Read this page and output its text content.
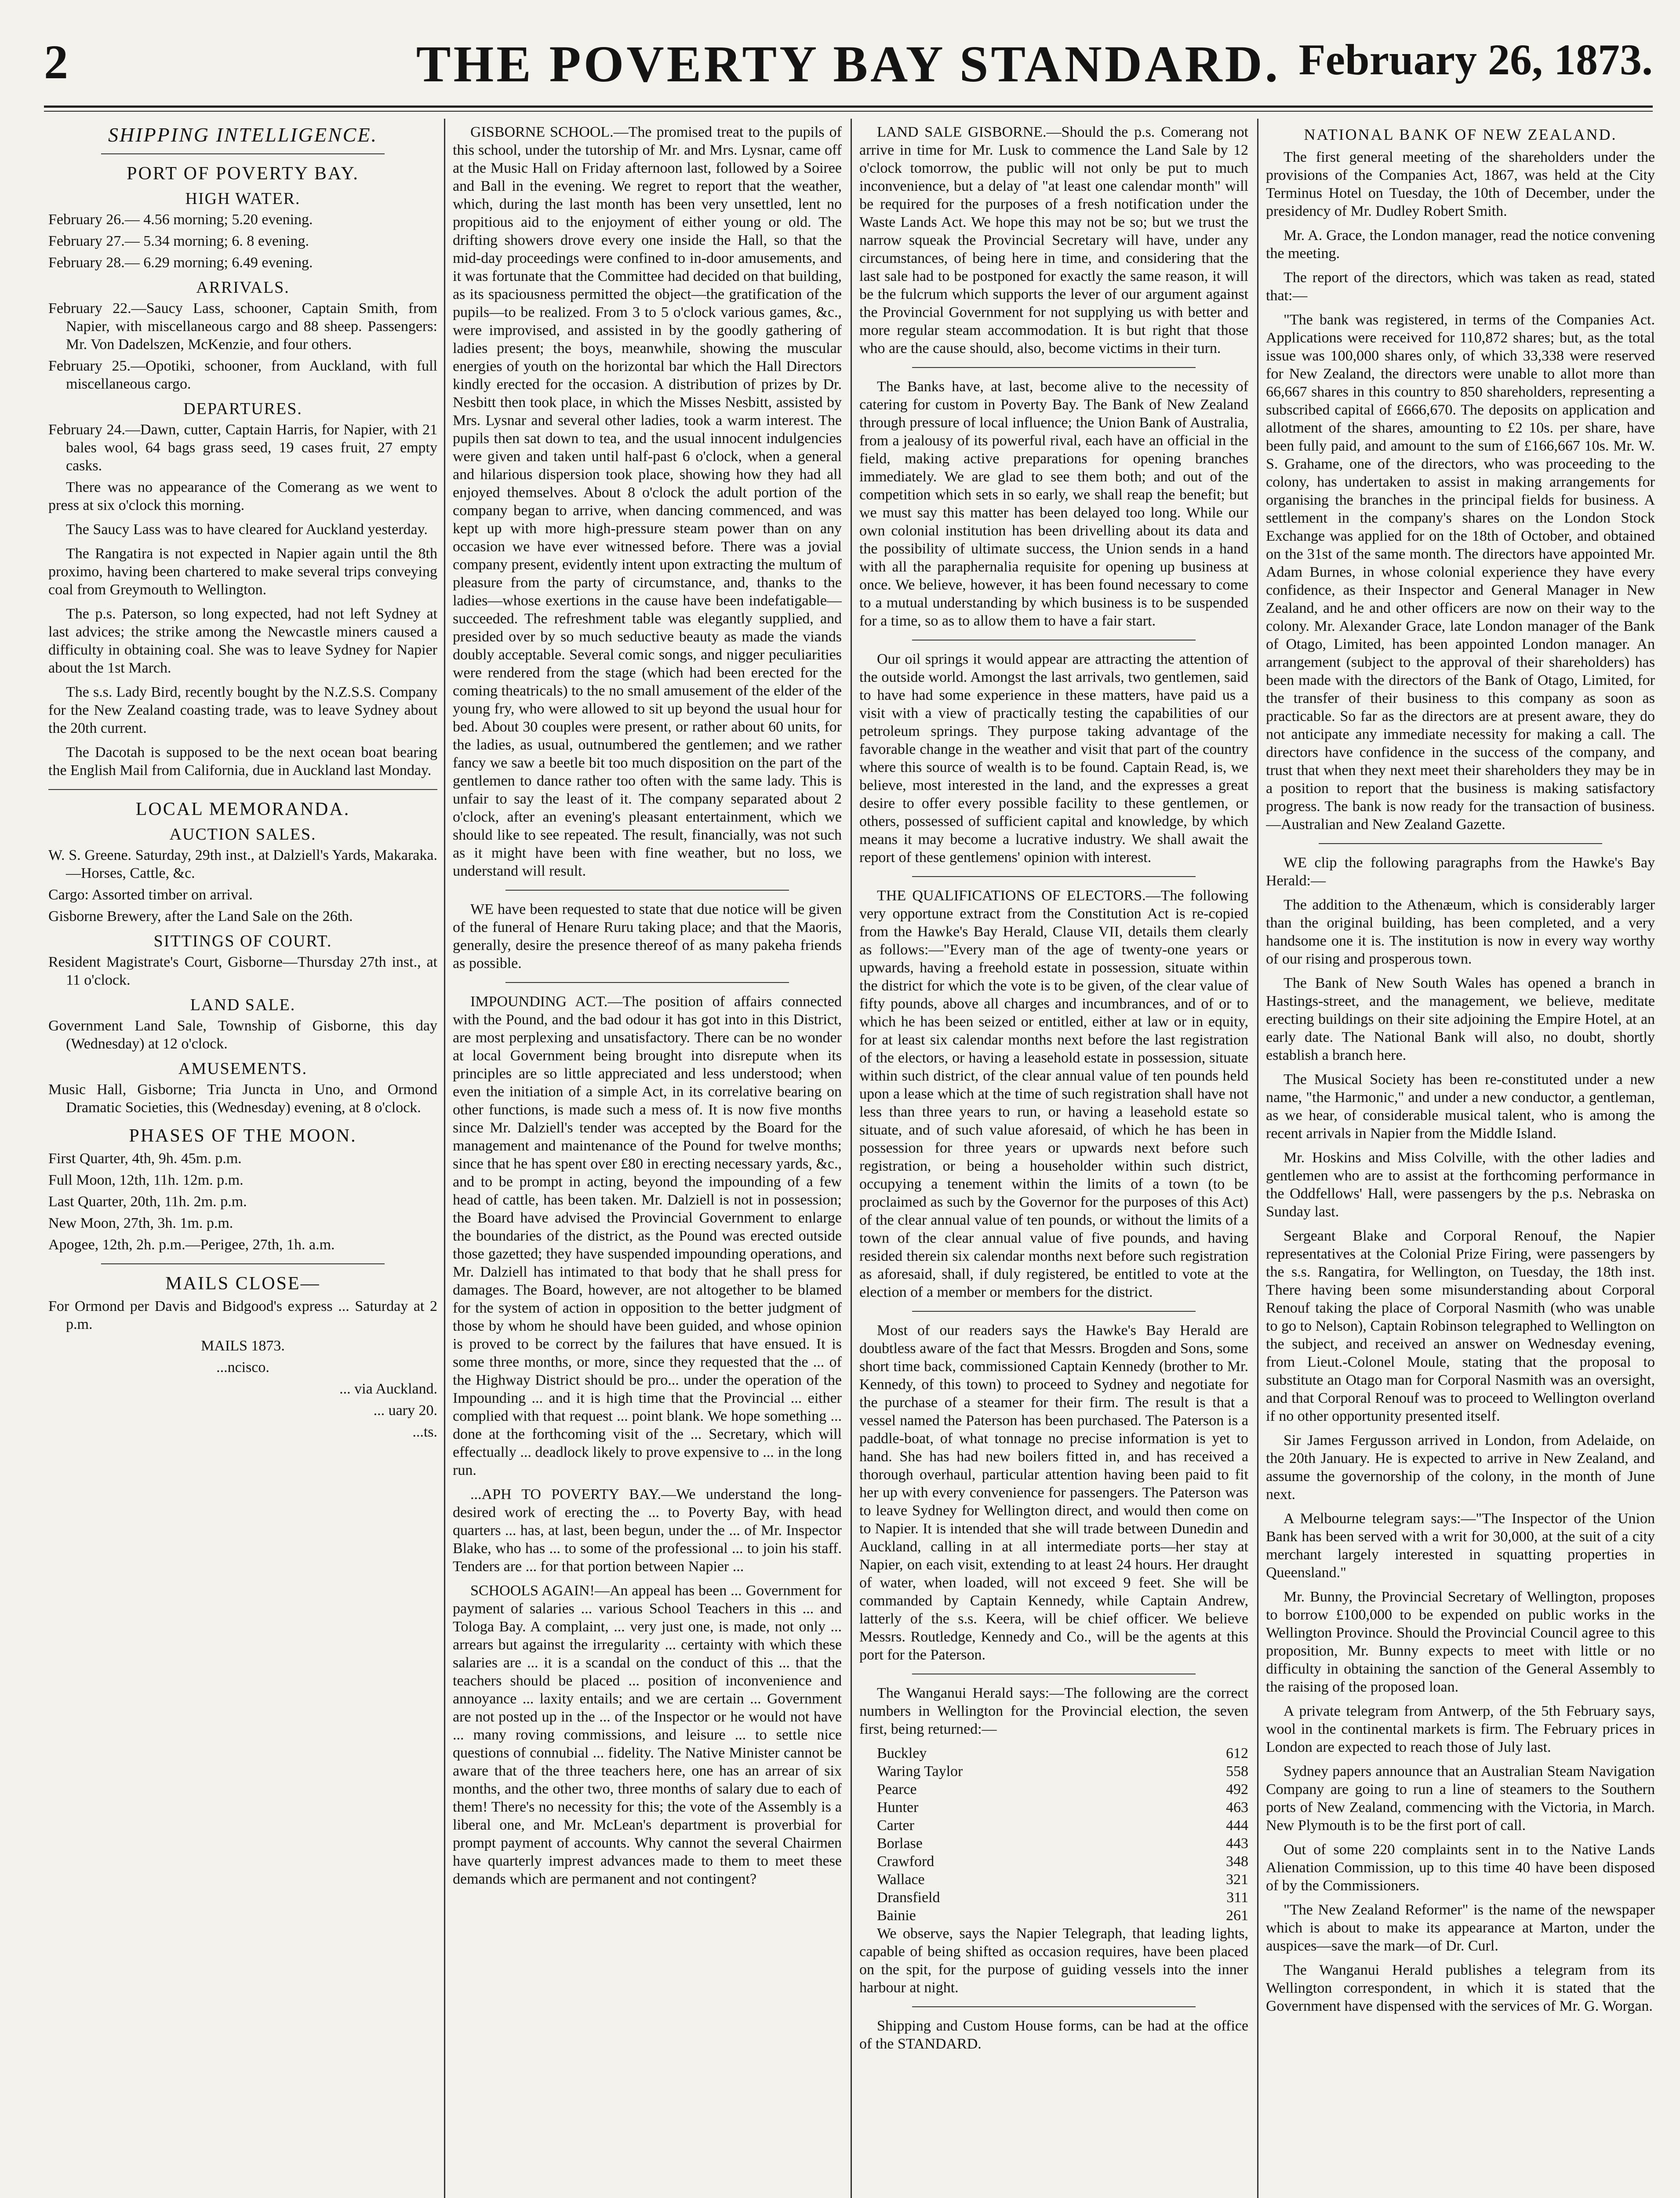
2	THE POVERTY BAY STANDARD. February 26, 1873.
SHIPPING INTELLIGENCE.
PORT OF POVERTY BAY.
HIGH WATER.

February 26.— 4.56 morning; 5.20 evening.

February 27.— 5.34 morning; 6. 8 evening.

February 28.— 6.29 morning; 6.49 evening.

ARRIVALS.

February 22.—Saucy Lass, schooner, Captain Smith, from Napier, with miscellaneous cargo and 88 sheep. Passengers: Mr. Von Dadelszen, McKenzie, and four others.

February 25.—Opotiki, schooner, from Auckland, with full miscellaneous cargo.

DEPARTURES.

February 24.—Dawn, cutter, Captain Harris, for Napier, with 21 bales wool, 64 bags grass seed, 19 cases fruit, 27 empty casks.

There was no appearance of the Comerang as we went to press at six o'clock this morning.

The Saucy Lass was to have cleared for Auckland yesterday.

The Rangatira is not expected in Napier again until the 8th proximo, having been chartered to make several trips conveying coal from Greymouth to Wellington.

The p.s. Paterson, so long expected, had not left Sydney at last advices; the strike among the Newcastle miners caused a difficulty in obtaining coal. She was to leave Sydney for Napier about the 1st March.

The s.s. Lady Bird, recently bought by the N.Z.S.S. Company for the New Zealand coasting trade, was to leave Sydney about the 20th current.

The Dacotah is supposed to be the next ocean boat bearing the English Mail from California, due in Auckland last Monday.

LOCAL MEMORANDA.
AUCTION SALES.

W. S. Greene. Saturday, 29th inst., at Dalziell's Yards, Makaraka.—Horses, Cattle, &c.

Cargo: Assorted timber on arrival.

Gisborne Brewery, after the Land Sale on the 26th.

SITTINGS OF COURT.

Resident Magistrate's Court, Gisborne—Thursday 27th inst., at 11 o'clock.

LAND SALE.

Government Land Sale, Township of Gisborne, this day (Wednesday) at 12 o'clock.

AMUSEMENTS.

Music Hall, Gisborne; Tria Juncta in Uno, and Ormond Dramatic Societies, this (Wednesday) evening, at 8 o'clock.

PHASES OF THE MOON.

First Quarter, 4th, 9h. 45m. p.m.

Full Moon, 12th, 11h. 12m. p.m.

Last Quarter, 20th, 11h. 2m. p.m.

New Moon, 27th, 3h. 1m. p.m.

Apogee, 12th, 2h. p.m.—Perigee, 27th, 1h. a.m.

MAILS CLOSE—

For Ormond per Davis and Bidgood's express ... Saturday at 2 p.m.

MAILS 1873.

...ncisco.

... via Auckland.

... uary 20.

...ts.

GISBORNE SCHOOL.—The promised treat to the pupils of this school, under the tutorship of Mr. and Mrs. Lysnar, came off at the Music Hall on Friday afternoon last, followed by a Soiree and Ball in the evening. We regret to report that the weather, which, during the last month has been very unsettled, lent no propitious aid to the enjoyment of either young or old. The drifting showers drove every one inside the Hall, so that the mid-day proceedings were confined to in-door amusements, and it was fortunate that the Committee had decided on that building, as its spaciousness permitted the object—the gratification of the pupils—to be realized. From 3 to 5 o'clock various games, &c., were improvised, and assisted in by the goodly gathering of ladies present; the boys, meanwhile, showing the muscular energies of youth on the horizontal bar which the Hall Directors kindly erected for the occasion. A distribution of prizes by Dr. Nesbitt then took place, in which the Misses Nesbitt, assisted by Mrs. Lysnar and several other ladies, took a warm interest. The pupils then sat down to tea, and the usual innocent indulgencies were given and taken until half-past 6 o'clock, when a general and hilarious dispersion took place, showing how they had all enjoyed themselves. About 8 o'clock the adult portion of the company began to arrive, when dancing commenced, and was kept up with more high-pressure steam power than on any occasion we have ever witnessed before. There was a jovial company present, evidently intent upon extracting the multum of pleasure from the party of circumstance, and, thanks to the ladies—whose exertions in the cause have been indefatigable—succeeded. The refreshment table was elegantly supplied, and presided over by so much seductive beauty as made the viands doubly acceptable. Several comic songs, and nigger peculiarities were rendered from the stage (which had been erected for the coming theatricals) to the no small amusement of the elder of the young fry, who were allowed to sit up beyond the usual hour for bed. About 30 couples were present, or rather about 60 units, for the ladies, as usual, outnumbered the gentlemen; and we rather fancy we saw a beetle bit too much disposition on the part of the gentlemen to dance rather too often with the same lady. This is unfair to say the least of it. The company separated about 2 o'clock, after an evening's pleasant entertainment, which we should like to see repeated. The result, financially, was not such as it might have been with fine weather, but no loss, we understand will result.

WE have been requested to state that due notice will be given of the funeral of Henare Ruru taking place; and that the Maoris, generally, desire the presence thereof of as many pakeha friends as possible.

IMPOUNDING ACT.—The position of affairs connected with the Pound, and the bad odour it has got into in this District, are most perplexing and unsatisfactory. There can be no wonder at local Government being brought into disrepute when its principles are so little appreciated and less understood; when even the initiation of a simple Act, in its correlative bearing on other functions, is made such a mess of. It is now five months since Mr. Dalziell's tender was accepted by the Board for the management and maintenance of the Pound for twelve months; since that he has spent over £80 in erecting necessary yards, &c., and to be prompt in acting, beyond the impounding of a few head of cattle, has been taken. Mr. Dalziell is not in possession; the Board have advised the Provincial Government to enlarge the boundaries of the district, as the Pound was erected outside those gazetted; they have suspended impounding operations, and Mr. Dalziell has intimated to that body that he shall press for damages. The Board, however, are not altogether to be blamed for the system of action in opposition to the better judgment of those by whom he should have been guided, and whose opinion is proved to be correct by the failures that have ensued. It is some three months, or more, since they requested that the ... of the Highway District should be pro... under the operation of the Impounding ... and it is high time that the Provincial ... either complied with that request ... point blank. We hope something ... done at the forthcoming visit of the ... Secretary, which will effectually ... deadlock likely to prove expensive to ... in the long run.

...APH TO POVERTY BAY.—We understand the long-desired work of erecting the ... to Poverty Bay, with head quarters ... has, at last, been begun, under the ... of Mr. Inspector Blake, who has ... to some of the professional ... to join his staff. Tenders are ... for that portion between Napier ...

SCHOOLS AGAIN!—An appeal has been ... Government for payment of salaries ... various School Teachers in this ... and Tologa Bay. A complaint, ... very just one, is made, not only ... arrears but against the irregularity ... certainty with which these salaries are ... it is a scandal on the conduct of this ... that the teachers should be placed ... position of inconvenience and annoyance ... laxity entails; and we are certain ... Government are not posted up in the ... of the Inspector or he would not have ... many roving commissions, and leisure ... to settle nice questions of connubial ... fidelity. The Native Minister cannot be aware that of the three teachers here, one has an arrear of six months, and the other two, three months of salary due to each of them! There's no necessity for this; the vote of the Assembly is a liberal one, and Mr. McLean's department is proverbial for prompt payment of accounts. Why cannot the several Chairmen have quarterly imprest advances made to them to meet these demands which are permanent and not contingent?

LAND SALE GISBORNE.—Should the p.s. Comerang not arrive in time for Mr. Lusk to commence the Land Sale by 12 o'clock tomorrow, the public will not only be put to much inconvenience, but a delay of "at least one calendar month" will be required for the purposes of a fresh notification under the Waste Lands Act. We hope this may not be so; but we trust the narrow squeak the Provincial Secretary will have, under any circumstances, of being here in time, and considering that the last sale had to be postponed for exactly the same reason, it will be the fulcrum which supports the lever of our argument against the Provincial Government for not supplying us with better and more regular steam accommodation. It is but right that those who are the cause should, also, become victims in their turn.

The Banks have, at last, become alive to the necessity of catering for custom in Poverty Bay. The Bank of New Zealand through pressure of local influence; the Union Bank of Australia, from a jealousy of its powerful rival, each have an official in the field, making active preparations for opening branches immediately. We are glad to see them both; and out of the competition which sets in so early, we shall reap the benefit; but we must say this matter has been delayed too long. While our own colonial institution has been drivelling about its data and the possibility of ultimate success, the Union sends in a hand with all the paraphernalia requisite for opening up business at once. We believe, however, it has been found necessary to come to a mutual understanding by which business is to be suspended for a time, so as to allow them to have a fair start.

Our oil springs it would appear are attracting the attention of the outside world. Amongst the last arrivals, two gentlemen, said to have had some experience in these matters, have paid us a visit with a view of practically testing the capabilities of our petroleum springs. They purpose taking advantage of the favorable change in the weather and visit that part of the country where this source of wealth is to be found. Captain Read, is, we believe, most interested in the land, and the expresses a great desire to offer every possible facility to these gentlemen, or others, possessed of sufficient capital and knowledge, by which means it may become a lucrative industry. We shall await the report of these gentlemens' opinion with interest.

THE QUALIFICATIONS OF ELECTORS.—The following very opportune extract from the Constitution Act is re-copied from the Hawke's Bay Herald, Clause VII, details them clearly as follows:—"Every man of the age of twenty-one years or upwards, having a freehold estate in possession, situate within the district for which the vote is to be given, of the clear value of fifty pounds, above all charges and incumbrances, and of or to which he has been seized or entitled, either at law or in equity, for at least six calendar months next before the last registration of the electors, or having a leasehold estate in possession, situate within such district, of the clear annual value of ten pounds held upon a lease which at the time of such registration shall have not less than three years to run, or having a leasehold estate so situate, and of such value aforesaid, of which he has been in possession for three years or upwards next before such registration, or being a householder within such district, occupying a tenement within the limits of a town (to be proclaimed as such by the Governor for the purposes of this Act) of the clear annual value of ten pounds, or without the limits of a town of the clear annual value of five pounds, and having resided therein six calendar months next before such registration as aforesaid, shall, if duly registered, be entitled to vote at the election of a member or members for the district.

Most of our readers says the Hawke's Bay Herald are doubtless aware of the fact that Messrs. Brogden and Sons, some short time back, commissioned Captain Kennedy (brother to Mr. Kennedy, of this town) to proceed to Sydney and negotiate for the purchase of a steamer for their firm. The result is that a vessel named the Paterson has been purchased. The Paterson is a paddle-boat, of what tonnage no precise information is yet to hand. She has had new boilers fitted in, and has received a thorough overhaul, particular attention having been paid to fit her up with every convenience for passengers. The Paterson was to leave Sydney for Wellington direct, and would then come on to Napier. It is intended that she will trade between Dunedin and Auckland, calling in at all intermediate ports—her stay at Napier, on each visit, extending to at least 24 hours. Her draught of water, when loaded, will not exceed 9 feet. She will be commanded by Captain Kennedy, while Captain Andrew, latterly of the s.s. Keera, will be chief officer. We believe Messrs. Routledge, Kennedy and Co., will be the agents at this port for the Paterson.

The Wanganui Herald says:—The following are the correct numbers in Wellington for the Provincial election, the seven first, being returned:—

Buckley	612
Waring Taylor	558
Pearce	492
Hunter	463
Carter	444
Borlase	443
Crawford	348
Wallace	321
Dransfield	311
Bainie	261

We observe, says the Napier Telegraph, that leading lights, capable of being shifted as occasion requires, have been placed on the spit, for the purpose of guiding vessels into the inner harbour at night.

Shipping and Custom House forms, can be had at the office of the STANDARD.

NATIONAL BANK OF NEW ZEALAND.

The first general meeting of the shareholders under the provisions of the Companies Act, 1867, was held at the City Terminus Hotel on Tuesday, the 10th of December, under the presidency of Mr. Dudley Robert Smith.

Mr. A. Grace, the London manager, read the notice convening the meeting.

The report of the directors, which was taken as read, stated that:—

"The bank was registered, in terms of the Companies Act. Applications were received for 110,872 shares; but, as the total issue was 100,000 shares only, of which 33,338 were reserved for New Zealand, the directors were unable to allot more than 66,667 shares in this country to 850 shareholders, representing a subscribed capital of £666,670. The deposits on application and allotment of the shares, amounting to £2 10s. per share, have been fully paid, and amount to the sum of £166,667 10s. Mr. W. S. Grahame, one of the directors, who was proceeding to the colony, has undertaken to assist in making arrangements for organising the branches in the principal fields for business. A settlement in the company's shares on the London Stock Exchange was applied for on the 18th of October, and obtained on the 31st of the same month. The directors have appointed Mr. Adam Burnes, in whose colonial experience they have every confidence, as their Inspector and General Manager in New Zealand, and he and other officers are now on their way to the colony. Mr. Alexander Grace, late London manager of the Bank of Otago, Limited, has been appointed London manager. An arrangement (subject to the approval of their shareholders) has been made with the directors of the Bank of Otago, Limited, for the transfer of their business to this company as soon as practicable. So far as the directors are at present aware, they do not anticipate any immediate necessity for making a call. The directors have confidence in the success of the company, and trust that when they next meet their shareholders they may be in a position to report that the business is making satisfactory progress. The bank is now ready for the transaction of business.—Australian and New Zealand Gazette.

WE clip the following paragraphs from the Hawke's Bay Herald:—

The addition to the Athenæum, which is considerably larger than the original building, has been completed, and a very handsome one it is. The institution is now in every way worthy of our rising and prosperous town.

The Bank of New South Wales has opened a branch in Hastings-street, and the management, we believe, meditate erecting buildings on their site adjoining the Empire Hotel, at an early date. The National Bank will also, no doubt, shortly establish a branch here.

The Musical Society has been re-constituted under a new name, "the Harmonic," and under a new conductor, a gentleman, as we hear, of considerable musical talent, who is among the recent arrivals in Napier from the Middle Island.

Mr. Hoskins and Miss Colville, with the other ladies and gentlemen who are to assist at the forthcoming performance in the Oddfellows' Hall, were passengers by the p.s. Nebraska on Sunday last.

Sergeant Blake and Corporal Renouf, the Napier representatives at the Colonial Prize Firing, were passengers by the s.s. Rangatira, for Wellington, on Tuesday, the 18th inst. There having been some misunderstanding about Corporal Renouf taking the place of Corporal Nasmith (who was unable to go to Nelson), Captain Robinson telegraphed to Wellington on the subject, and received an answer on Wednesday evening, from Lieut.-Colonel Moule, stating that the proposal to substitute an Otago man for Corporal Nasmith was an oversight, and that Corporal Renouf was to proceed to Wellington overland if no other opportunity presented itself.

Sir James Fergusson arrived in London, from Adelaide, on the 20th January. He is expected to arrive in New Zealand, and assume the governorship of the colony, in the month of June next.

A Melbourne telegram says:—"The Inspector of the Union Bank has been served with a writ for 30,000, at the suit of a city merchant largely interested in squatting properties in Queensland."

Mr. Bunny, the Provincial Secretary of Wellington, proposes to borrow £100,000 to be expended on public works in the Wellington Province. Should the Provincial Council agree to this proposition, Mr. Bunny expects to meet with little or no difficulty in obtaining the sanction of the General Assembly to the raising of the proposed loan.

A private telegram from Antwerp, of the 5th February says, wool in the continental markets is firm. The February prices in London are expected to reach those of July last.

Sydney papers announce that an Australian Steam Navigation Company are going to run a line of steamers to the Southern ports of New Zealand, commencing with the Victoria, in March. New Plymouth is to be the first port of call.

Out of some 220 complaints sent in to the Native Lands Alienation Commission, up to this time 40 have been disposed of by the Commissioners.

"The New Zealand Reformer" is the name of the newspaper which is about to make its appearance at Marton, under the auspices—save the mark—of Dr. Curl.

The Wanganui Herald publishes a telegram from its Wellington correspondent, in which it is stated that the Government have dispensed with the services of Mr. G. Worgan.
